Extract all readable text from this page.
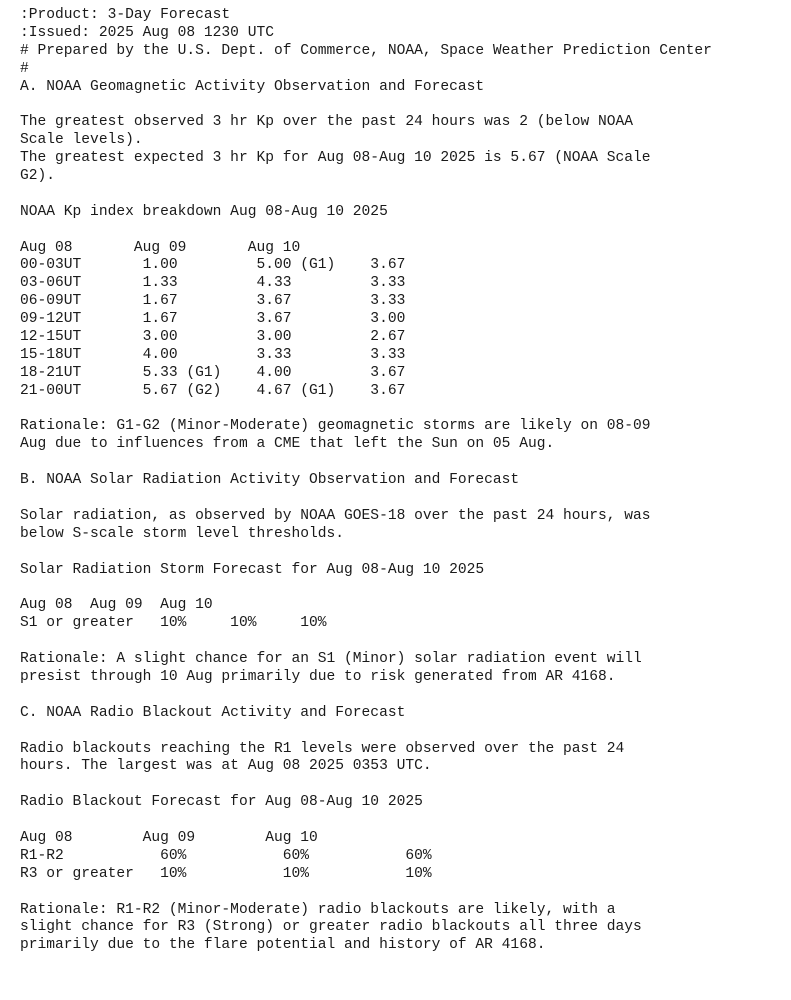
:Product: 3-Day Forecast
:Issued: 2025 Aug 08 1230 UTC
# Prepared by the U.S. Dept. of Commerce, NOAA, Space Weather Prediction Center
#
A. NOAA Geomagnetic Activity Observation and Forecast
The greatest observed 3 hr Kp over the past 24 hours was 2 (below NOAA
Scale levels).
The greatest expected 3 hr Kp for Aug 08-Aug 10 2025 is 5.67 (NOAA Scale
G2).
NOAA Kp index breakdown Aug 08-Aug 10 2025
Aug 08       Aug 09       Aug 10
00-03UT       1.00         5.00 (G1)    3.67
03-06UT       1.33         4.33         3.33
06-09UT       1.67         3.67         3.33
09-12UT       1.67         3.67         3.00
12-15UT       3.00         3.00         2.67
15-18UT       4.00         3.33         3.33
18-21UT       5.33 (G1)    4.00         3.67
21-00UT       5.67 (G2)    4.67 (G1)    3.67
Rationale: G1-G2 (Minor-Moderate) geomagnetic storms are likely on 08-09
Aug due to influences from a CME that left the Sun on 05 Aug.
B. NOAA Solar Radiation Activity Observation and Forecast
Solar radiation, as observed by NOAA GOES-18 over the past 24 hours, was
below S-scale storm level thresholds.
Solar Radiation Storm Forecast for Aug 08-Aug 10 2025
Aug 08  Aug 09  Aug 10
S1 or greater   10%     10%     10%
Rationale: A slight chance for an S1 (Minor) solar radiation event will
presist through 10 Aug primarily due to risk generated from AR 4168.
C. NOAA Radio Blackout Activity and Forecast
Radio blackouts reaching the R1 levels were observed over the past 24
hours. The largest was at Aug 08 2025 0353 UTC.
Radio Blackout Forecast for Aug 08-Aug 10 2025
Aug 08        Aug 09        Aug 10
R1-R2           60%           60%           60%
R3 or greater   10%           10%           10%
Rationale: R1-R2 (Minor-Moderate) radio blackouts are likely, with a
slight chance for R3 (Strong) or greater radio blackouts all three days
primarily due to the flare potential and history of AR 4168.
